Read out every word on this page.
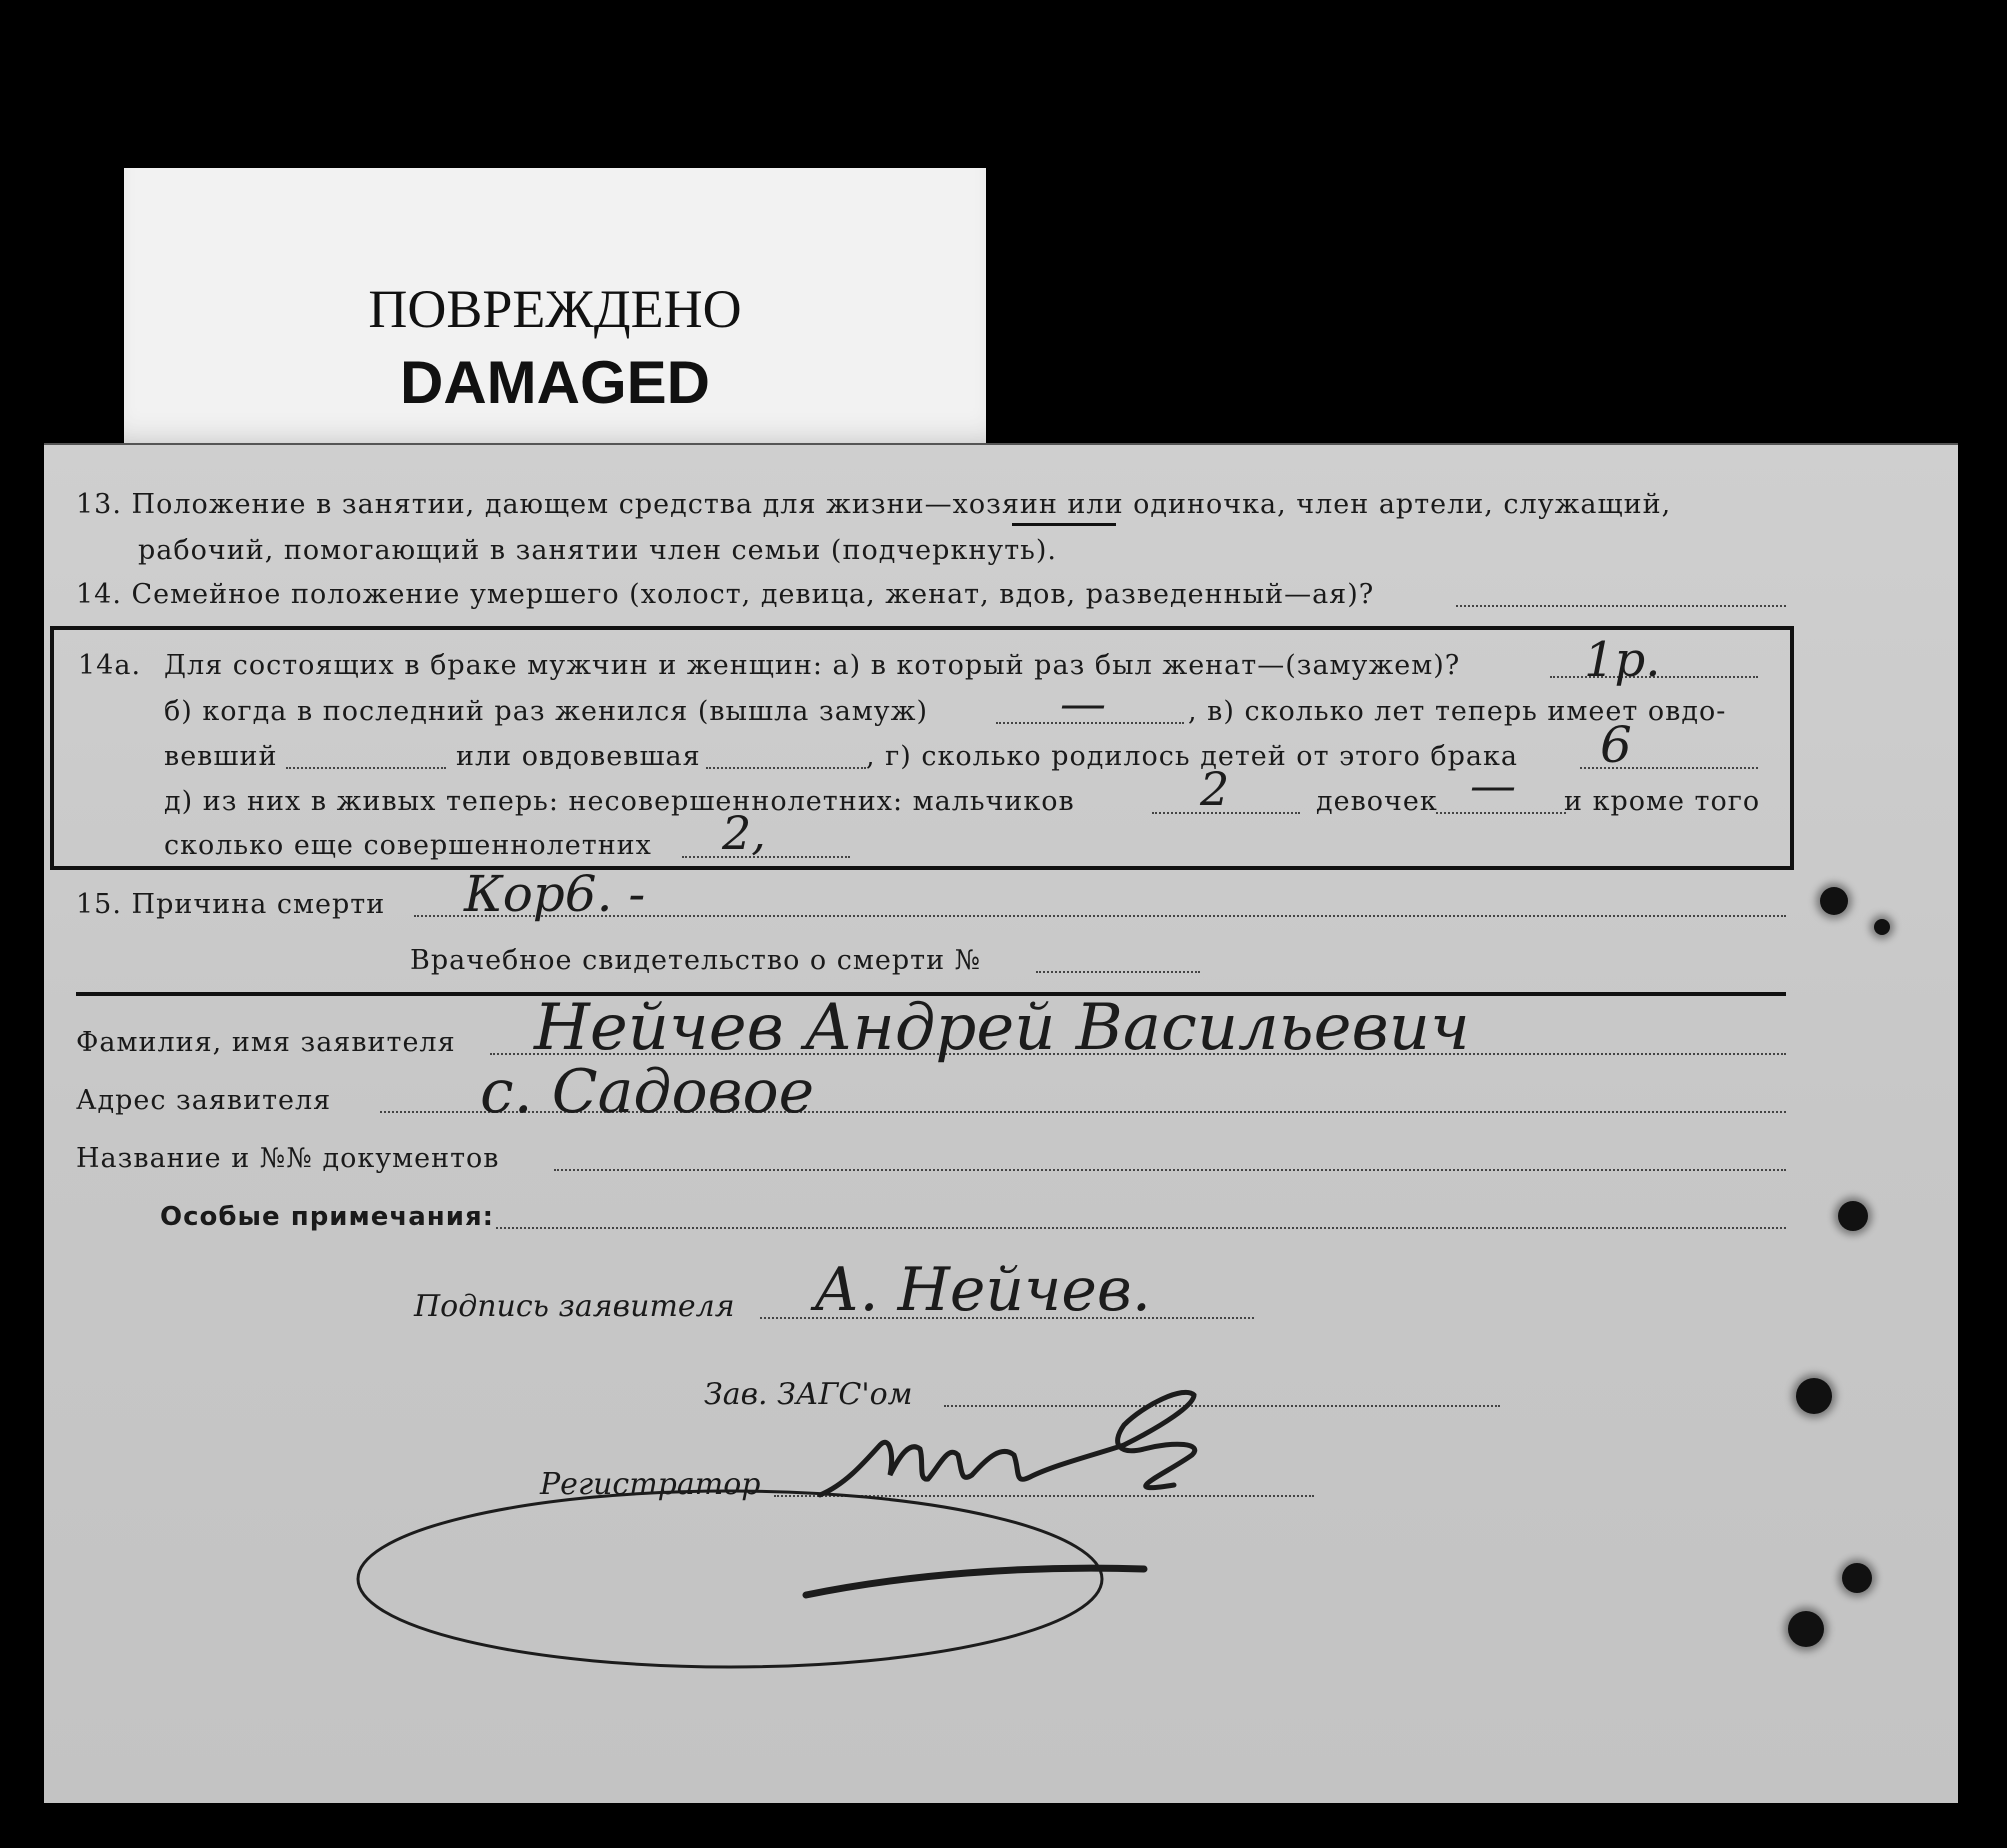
ПОВРЕЖДЕНО
DAMAGED
13. Положение в занятии, дающем средства для жизни—хозяин или одиночка, член артели, служащий,
рабочий, помогающий в занятии член семьи (подчеркнуть).
14. Семейное положение умершего (холост, девица, женат, вдов, разведенный—ая)?
14а. Для состоящих в браке мужчин и женщин: а) в который раз был женат—(замужем)?	1р.
б) когда в последний раз женился (вышла замуж)	—	, в) сколько лет теперь имеет овдо-
вевший	или овдовевшая	, г) сколько родилось детей от этого брака 6
д) из них в живых теперь: несовершеннолетних: мальчиков	2	девочек — и кроме того
сколько еще совершеннолетних 2,
15. Причина смерти Кор6. -
Врачебное свидетельство о смерти №
Фамилия, имя заявителя Нейчев Андрей Васильевич
Адрес заявителя с. Садовое
Название и №№ документов
Особые примечания:
Подпись заявителя А. Нейчев.
Зав. ЗАГС'ом
Регистратор
